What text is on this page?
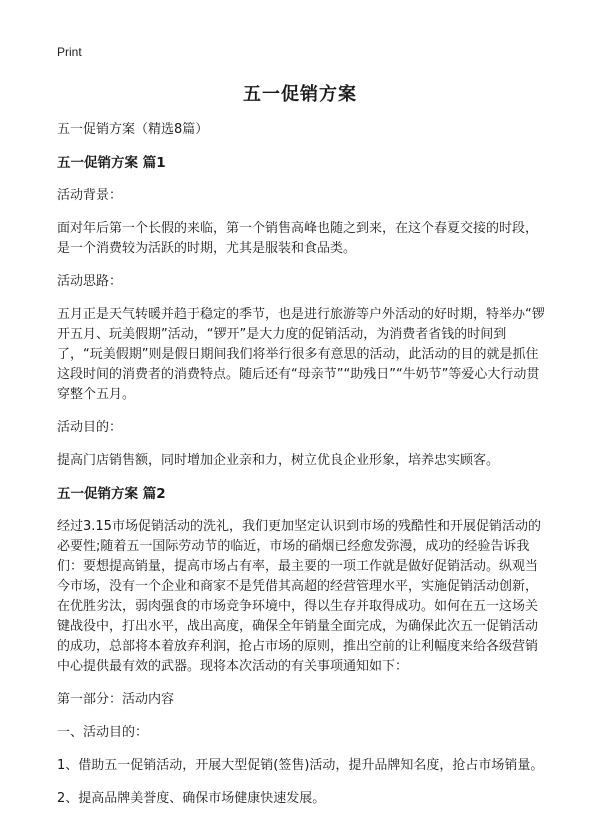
Print
五一促销方案

五一促销方案（精选8篇）

五一促销方案 篇1

活动背景：

面对年后第一个长假的来临，第一个销售高峰也随之到来，在这个春夏交接的时段，是一个消费较为活跃的时期，尤其是服装和食品类。

活动思路：

五月正是天气转暖并趋于稳定的季节，也是进行旅游等户外活动的好时期，特举办“锣开五月、玩美假期”活动，“锣开”是大力度的促销活动，为消费者省钱的时间到了，“玩美假期”则是假日期间我们将举行很多有意思的活动，此活动的目的就是抓住这段时间的消费者的消费特点。随后还有“母亲节”“助残日”“牛奶节”等爱心大行动贯穿整个五月。

活动目的：

提高门店销售额，同时增加企业亲和力，树立优良企业形象，培养忠实顾客。

五一促销方案 篇2

经过3.15市场促销活动的洗礼，我们更加坚定认识到市场的残酷性和开展促销活动的必要性;随着五一国际劳动节的临近，市场的硝烟已经愈发弥漫，成功的经验告诉我们：要想提高销量，提高市场占有率，最主要的一项工作就是做好促销活动。纵观当今市场，没有一个企业和商家不是凭借其高超的经营管理水平，实施促销活动创新，在优胜劣汰，弱肉强食的市场竞争环境中，得以生存并取得成功。如何在五一这场关键战役中，打出水平，战出高度，确保全年销量全面完成，为确保此次五一促销活动的成功，总部将本着放弃利润，抢占市场的原则，推出空前的让利幅度来给各级营销中心提供最有效的武器。现将本次活动的有关事项通知如下：

第一部分：活动内容

一、活动目的：

1、借助五一促销活动，开展大型促销(签售)活动，提升品牌知名度，抢占市场销量。

2、提高品牌美誉度、确保市场健康快速发展。
